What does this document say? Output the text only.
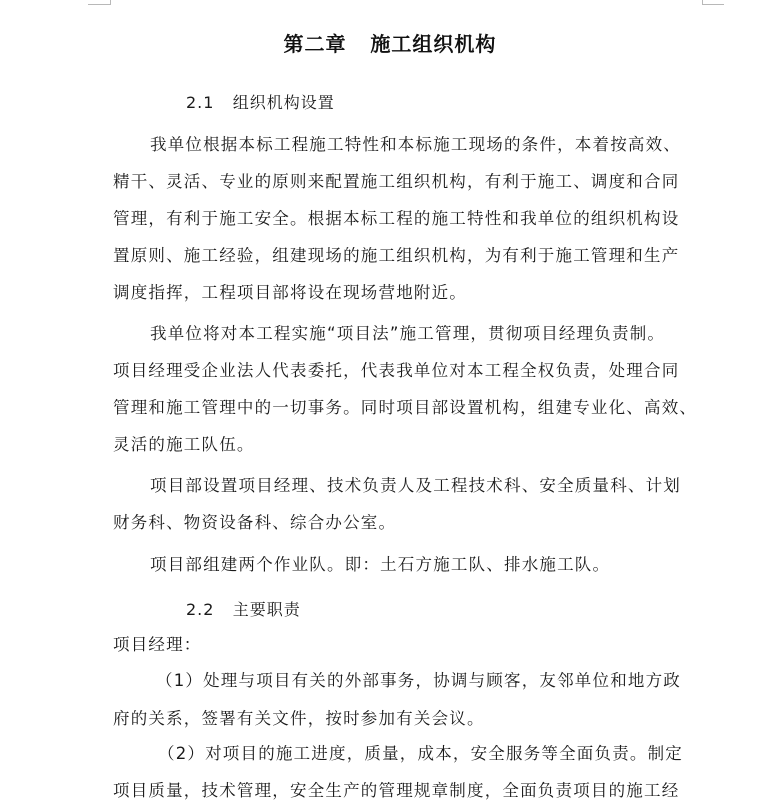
第二章   施工组织机构
2.1   组织机构设置
我单位根据本标工程施工特性和本标施工现场的条件，本着按高效、
精干、灵活、专业的原则来配置施工组织机构，有利于施工、调度和合同
管理，有利于施工安全。根据本标工程的施工特性和我单位的组织机构设
置原则、施工经验，组建现场的施工组织机构，为有利于施工管理和生产
调度指挥，工程项目部将设在现场营地附近。
我单位将对本工程实施“项目法”施工管理，贯彻项目经理负责制。
项目经理受企业法人代表委托，代表我单位对本工程全权负责，处理合同
管理和施工管理中的一切事务。同时项目部设置机构，组建专业化、高效、
灵活的施工队伍。
项目部设置项目经理、技术负责人及工程技术科、安全质量科、计划
财务科、物资设备科、综合办公室。
项目部组建两个作业队。即：土石方施工队、排水施工队。
2.2   主要职责
项目经理：
（1）处理与项目有关的外部事务，协调与顾客，友邻单位和地方政
府的关系，签署有关文件，按时参加有关会议。
（2）对项目的施工进度，质量，成本，安全服务等全面负责。制定
项目质量，技术管理，安全生产的管理规章制度，全面负责项目的施工经
